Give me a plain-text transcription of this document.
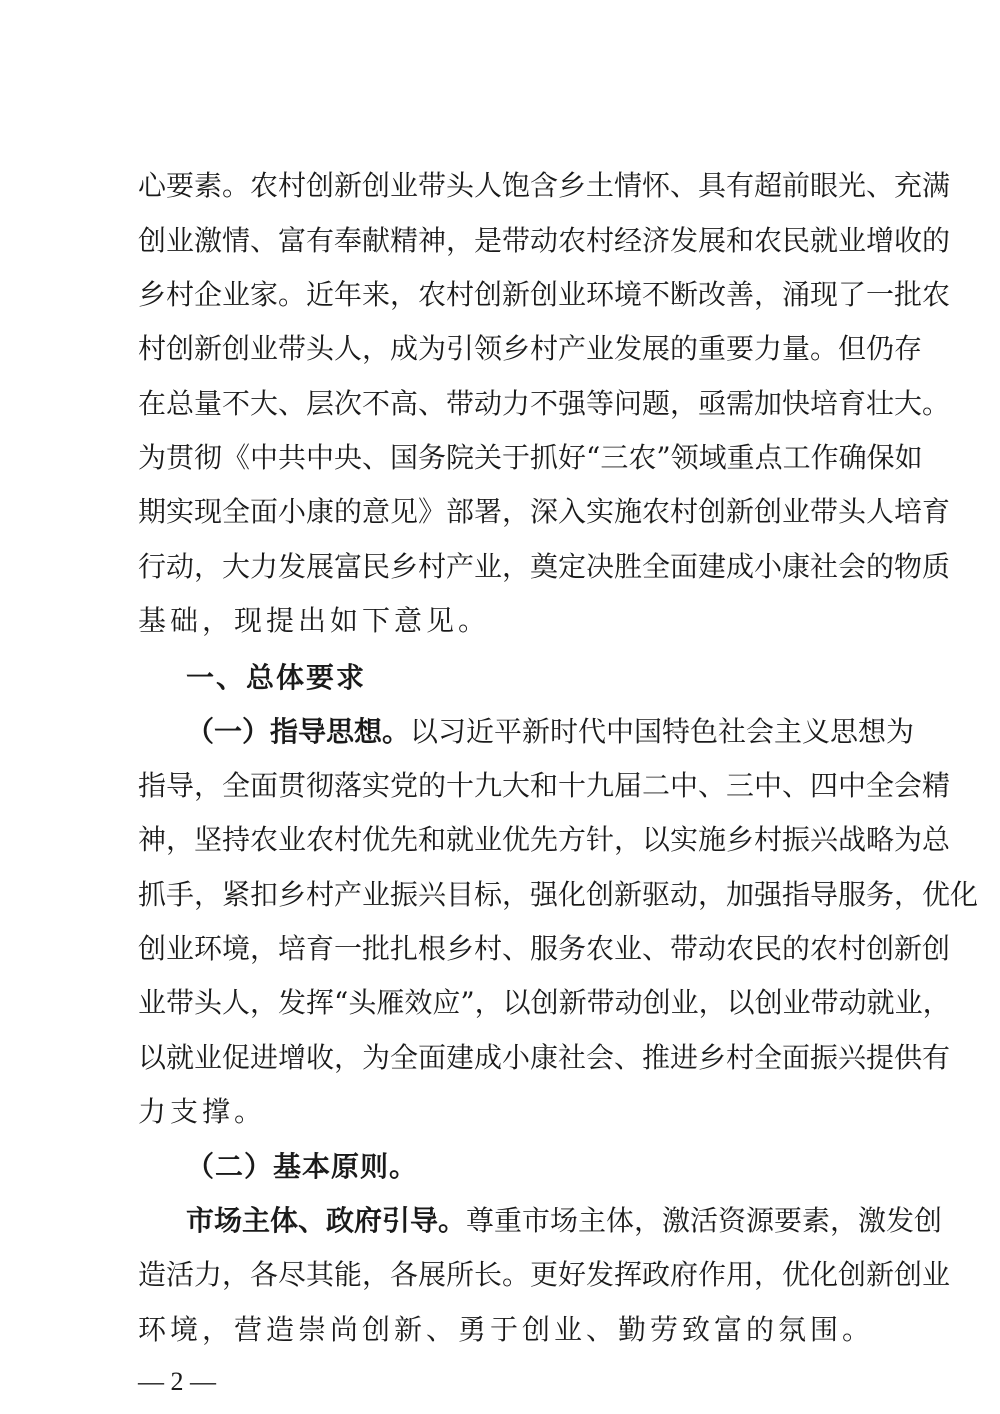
心要素。农村创新创业带头人饱含乡土情怀、具有超前眼光、充满
创业激情、富有奉献精神，是带动农村经济发展和农民就业增收的
乡村企业家。近年来，农村创新创业环境不断改善，涌现了一批农
村创新创业带头人，成为引领乡村产业发展的重要力量。但仍存
在总量不大、层次不高、带动力不强等问题，亟需加快培育壮大。
为贯彻《中共中央、国务院关于抓好“三农”领域重点工作确保如
期实现全面小康的意见》部署，深入实施农村创新创业带头人培育
行动，大力发展富民乡村产业，奠定决胜全面建成小康社会的物质
基础，现提出如下意见。
一、总体要求
（一）指导思想。以习近平新时代中国特色社会主义思想为
指导，全面贯彻落实党的十九大和十九届二中、三中、四中全会精
神，坚持农业农村优先和就业优先方针，以实施乡村振兴战略为总
抓手，紧扣乡村产业振兴目标，强化创新驱动，加强指导服务，优化
创业环境，培育一批扎根乡村、服务农业、带动农民的农村创新创
业带头人，发挥“头雁效应”，以创新带动创业，以创业带动就业，
以就业促进增收，为全面建成小康社会、推进乡村全面振兴提供有
力支撑。
（二）基本原则。
市场主体、政府引导。尊重市场主体，激活资源要素，激发创
造活力，各尽其能，各展所长。更好发挥政府作用，优化创新创业
环境，营造崇尚创新、勇于创业、勤劳致富的氛围。
— 2 —
